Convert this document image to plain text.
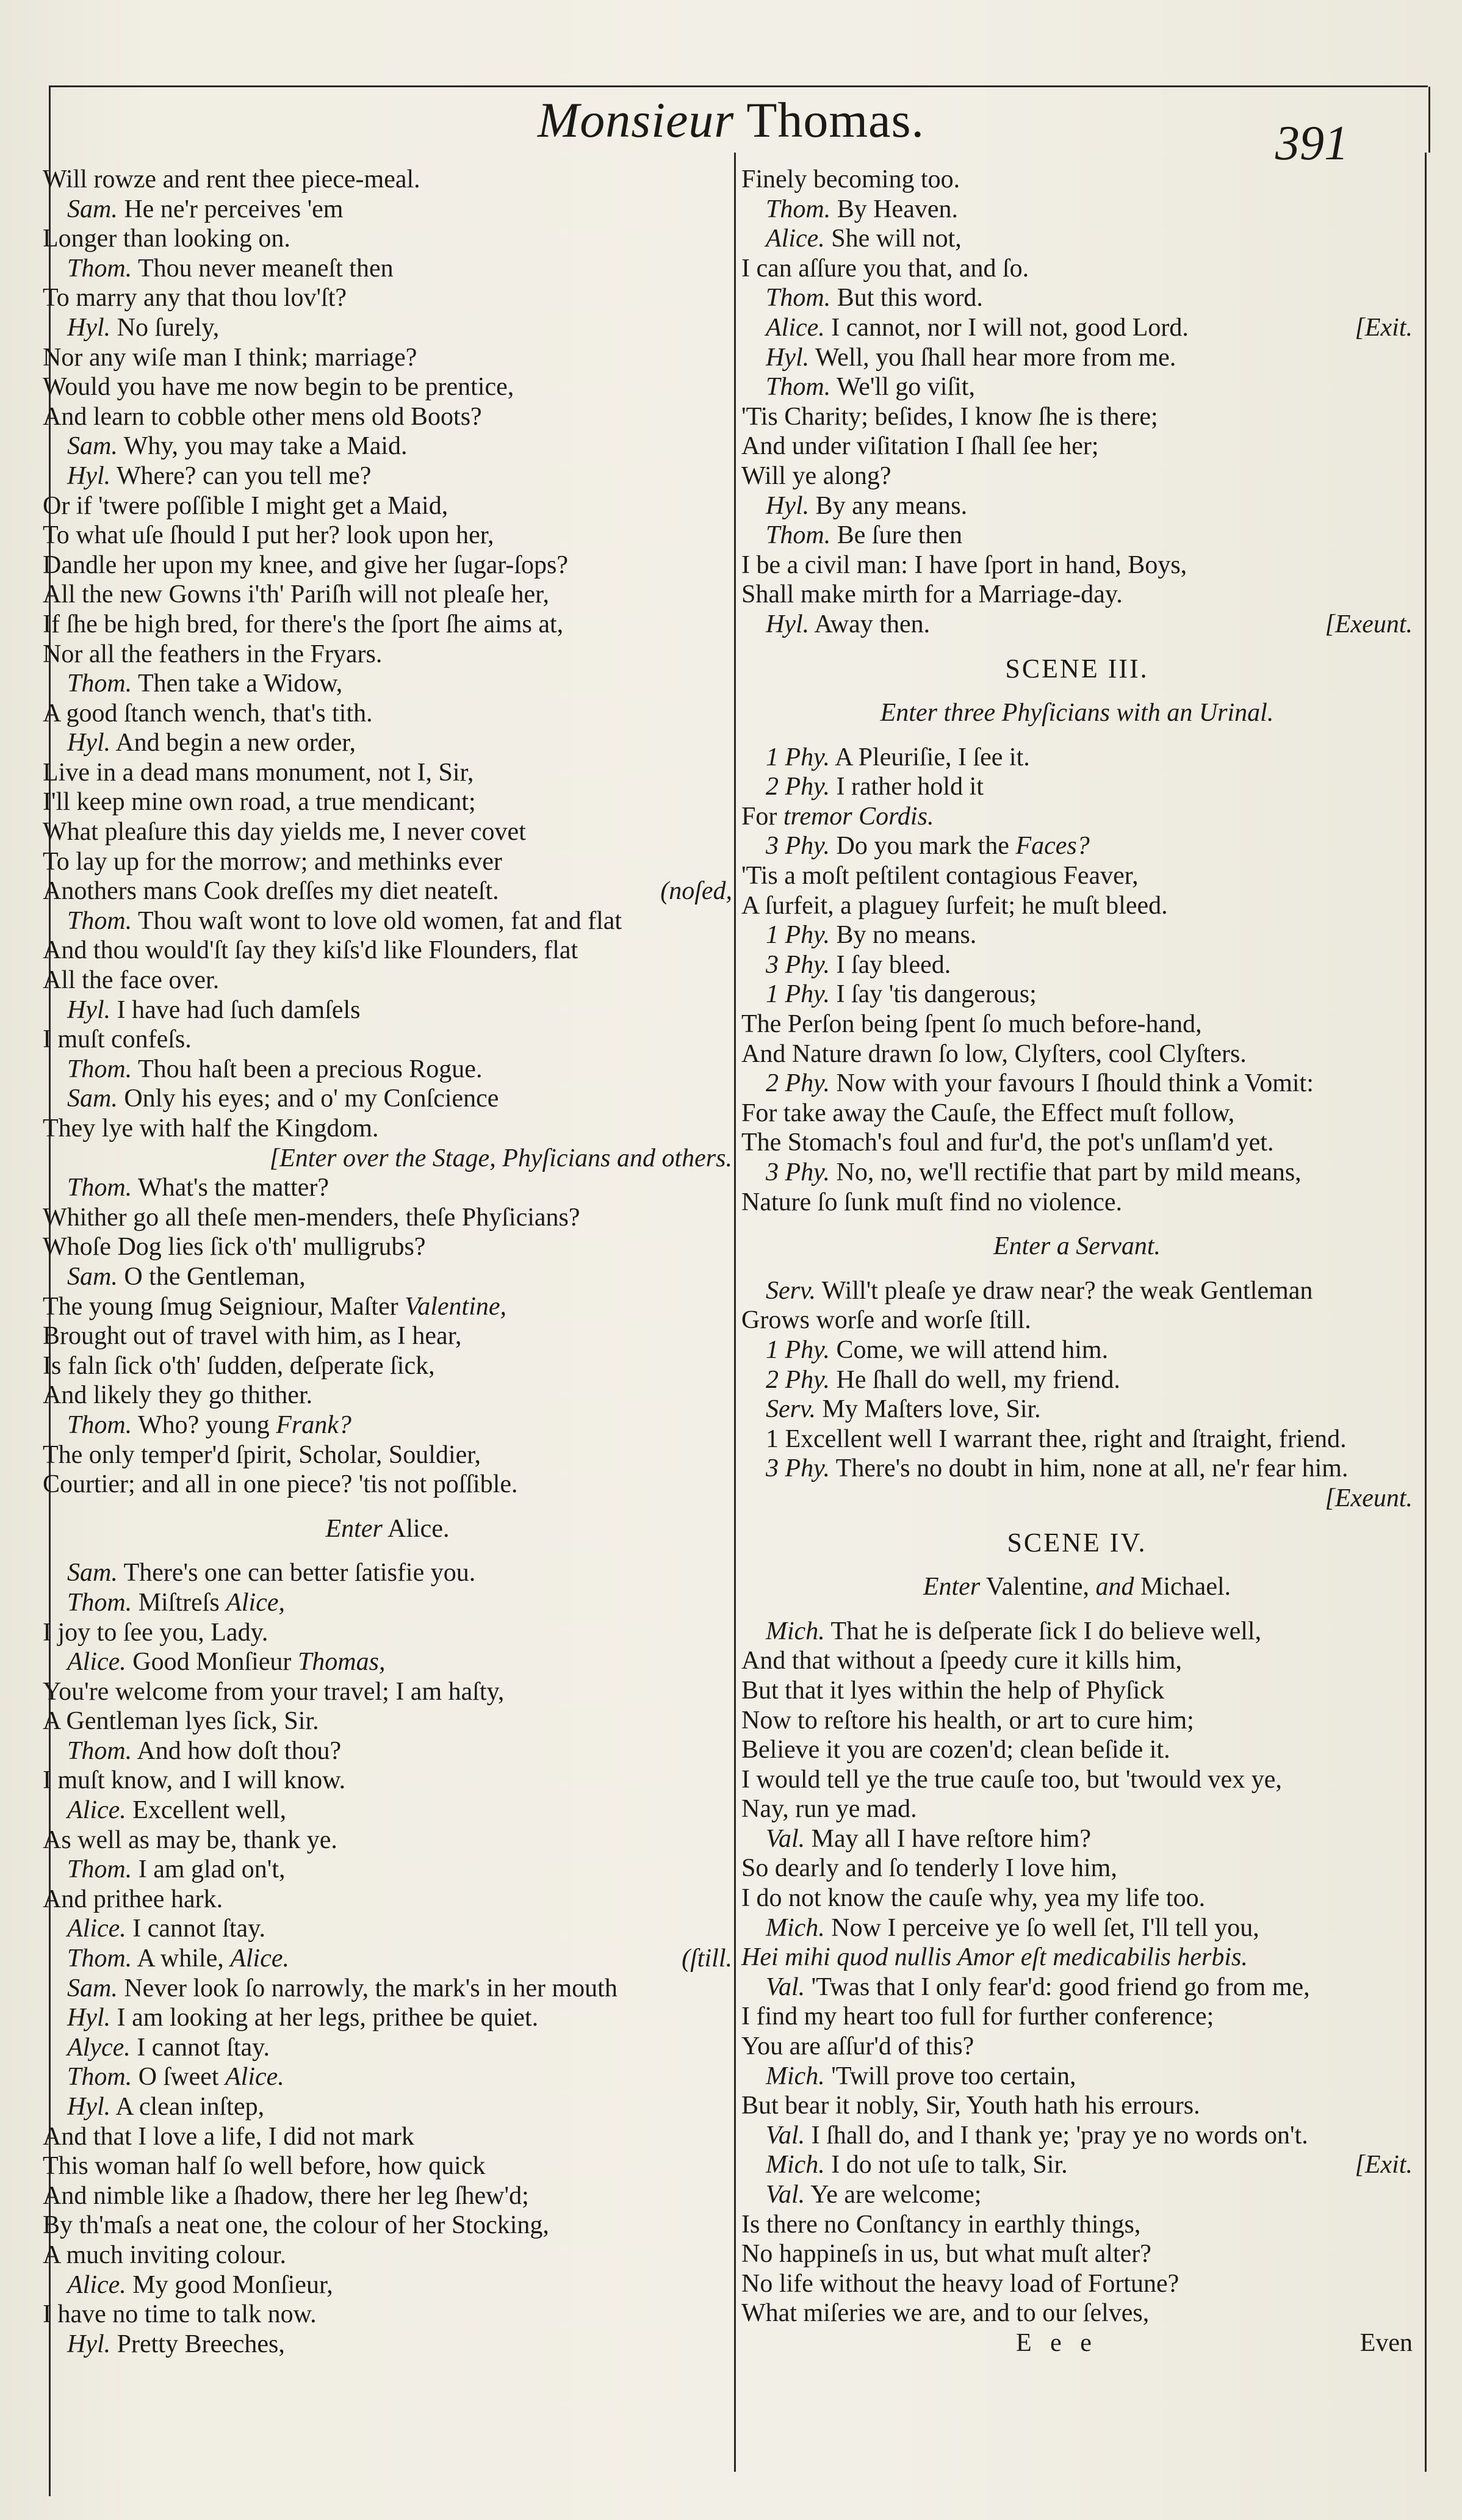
Monsieur Thomas.	391
Will rowze and rent thee piece-meal.
Sam. He ne'r perceives 'em
Longer than looking on.
Thom. Thou never meaneſt then
To marry any that thou lov'ſt?
Hyl. No ſurely,
Nor any wiſe man I think; marriage?
Would you have me now begin to be prentice,
And learn to cobble other mens old Boots?
Sam. Why, you may take a Maid.
Hyl. Where? can you tell me?
Or if 'twere poſſible I might get a Maid,
To what uſe ſhould I put her? look upon her,
Dandle her upon my knee, and give her ſugar-ſops?
All the new Gowns i'th' Pariſh will not pleaſe her,
If ſhe be high bred, for there's the ſport ſhe aims at,
Nor all the feathers in the Fryars.
Thom. Then take a Widow,
A good ſtanch wench, that's tith.
Hyl. And begin a new order,
Live in a dead mans monument, not I, Sir,
I'll keep mine own road, a true mendicant;
What pleaſure this day yields me, I never covet
To lay up for the morrow; and methinks ever
Anothers mans Cook dreſſes my diet neateſt.	(noſed,
Thom. Thou waſt wont to love old women, fat and flat
And thou would'ſt ſay they kiſs'd like Flounders, flat
All the face over.
Hyl. I have had ſuch damſels
I muſt confeſs.
Thom. Thou haſt been a precious Rogue.
Sam. Only his eyes; and o' my Conſcience
They lye with half the Kingdom.
[Enter over the Stage, Phyſicians and others.
Thom. What's the matter?
Whither go all theſe men-menders, theſe Phyſicians?
Whoſe Dog lies ſick o'th' mulligrubs?
Sam. O the Gentleman,
The young ſmug Seigniour, Maſter Valentine,
Brought out of travel with him, as I hear,
Is faln ſick o'th' ſudden, deſperate ſick,
And likely they go thither.
Thom. Who? young Frank?
The only temper'd ſpirit, Scholar, Souldier,
Courtier; and all in one piece? 'tis not poſſible.
Enter Alice.
Sam. There's one can better ſatisfie you.
Thom. Miſtreſs Alice,
I joy to ſee you, Lady.
Alice. Good Monſieur Thomas,
You're welcome from your travel; I am haſty,
A Gentleman lyes ſick, Sir.
Thom. And how doſt thou?
I muſt know, and I will know.
Alice. Excellent well,
As well as may be, thank ye.
Thom. I am glad on't,
And prithee hark.
Alice. I cannot ſtay.
Thom. A while, Alice.	(ſtill.
Sam. Never look ſo narrowly, the mark's in her mouth
Hyl. I am looking at her legs, prithee be quiet.
Alyce. I cannot ſtay.
Thom. O ſweet Alice.
Hyl. A clean inſtep,
And that I love a life, I did not mark
This woman half ſo well before, how quick
And nimble like a ſhadow, there her leg ſhew'd;
By th'maſs a neat one, the colour of her Stocking,
A much inviting colour.
Alice. My good Monſieur,
I have no time to talk now.
Hyl. Pretty Breeches,
Finely becoming too.
Thom. By Heaven.
Alice. She will not,
I can aſſure you that, and ſo.
Thom. But this word.
Alice. I cannot, nor I will not, good Lord.	[Exit.
Hyl. Well, you ſhall hear more from me.
Thom. We'll go viſit,
'Tis Charity; beſides, I know ſhe is there;
And under viſitation I ſhall ſee her;
Will ye along?
Hyl. By any means.
Thom. Be ſure then
I be a civil man: I have ſport in hand, Boys,
Shall make mirth for a Marriage-day.
Hyl. Away then.	[Exeunt.
SCENE III.
Enter three Phyſicians with an Urinal.
1 Phy. A Pleuriſie, I ſee it.
2 Phy. I rather hold it
For tremor Cordis.
3 Phy. Do you mark the Faces?
'Tis a moſt peſtilent contagious Feaver,
A ſurfeit, a plaguey ſurfeit; he muſt bleed.
1 Phy. By no means.
3 Phy. I ſay bleed.
1 Phy. I ſay 'tis dangerous;
The Perſon being ſpent ſo much before-hand,
And Nature drawn ſo low, Clyſters, cool Clyſters.
2 Phy. Now with your favours I ſhould think a Vomit:
For take away the Cauſe, the Effect muſt follow,
The Stomach's foul and fur'd, the pot's unſlam'd yet.
3 Phy. No, no, we'll rectifie that part by mild means,
Nature ſo ſunk muſt find no violence.
Enter a Servant.
Serv. Will't pleaſe ye draw near? the weak Gentleman
Grows worſe and worſe ſtill.
1 Phy. Come, we will attend him.
2 Phy. He ſhall do well, my friend.
Serv. My Maſters love, Sir.
1 Excellent well I warrant thee, right and ſtraight, friend.
3 Phy. There's no doubt in him, none at all, ne'r fear him.
[Exeunt.
SCENE IV.
Enter Valentine, and Michael.
Mich. That he is deſperate ſick I do believe well,
And that without a ſpeedy cure it kills him,
But that it lyes within the help of Phyſick
Now to reſtore his health, or art to cure him;
Believe it you are cozen'd; clean beſide it.
I would tell ye the true cauſe too, but 'twould vex ye,
Nay, run ye mad.
Val. May all I have reſtore him?
So dearly and ſo tenderly I love him,
I do not know the cauſe why, yea my life too.
Mich. Now I perceive ye ſo well ſet, I'll tell you,
Hei mihi quod nullis Amor eſt medicabilis herbis.
Val. 'Twas that I only fear'd: good friend go from me,
I find my heart too full for further conference;
You are aſſur'd of this?
Mich. 'Twill prove too certain,
But bear it nobly, Sir, Youth hath his errours.
Val. I ſhall do, and I thank ye; 'pray ye no words on't.
Mich. I do not uſe to talk, Sir.	[Exit.
Val. Ye are welcome;
Is there no Conſtancy in earthly things,
No happineſs in us, but what muſt alter?
No life without the heavy load of Fortune?
What miſeries we are, and to our ſelves,
E e e	Even
